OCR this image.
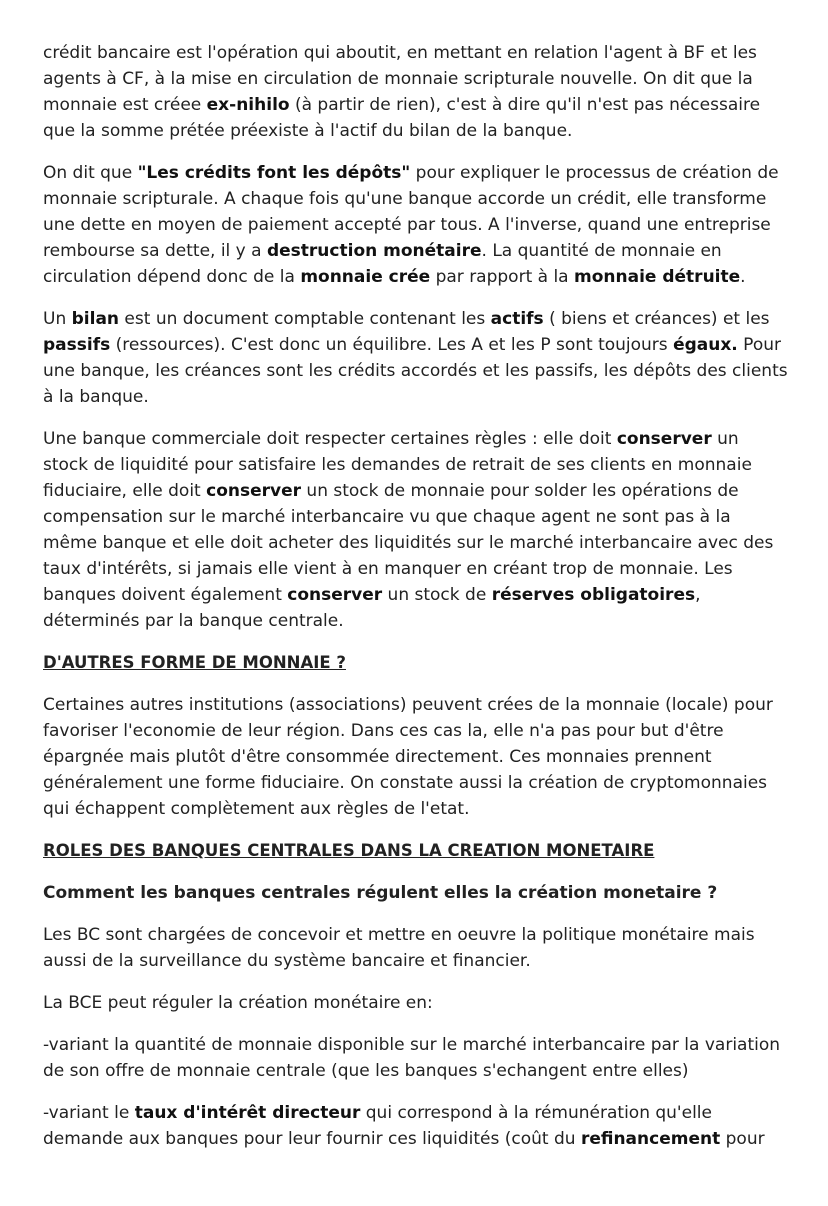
crédit bancaire est l'opération qui aboutit, en mettant en relation l'agent à BF et les agents à CF, à la mise en circulation de monnaie scripturale nouvelle. On dit que la monnaie est créee ex-nihilo (à partir de rien), c'est à dire qu'il n'est pas nécessaire que la somme prétée préexiste à l'actif du bilan de la banque.

On dit que "Les crédits font les dépôts" pour expliquer le processus de création de monnaie scripturale. A chaque fois qu'une banque accorde un crédit, elle transforme une dette en moyen de paiement accepté par tous. A l'inverse, quand une entreprise rembourse sa dette, il y a destruction monétaire. La quantité de monnaie en circulation dépend donc de la monnaie crée par rapport à la monnaie détruite.

Un bilan est un document comptable contenant les actifs ( biens et créances) et les passifs (ressources). C'est donc un équilibre. Les A et les P sont toujours égaux. Pour une banque, les créances sont les crédits accordés et les passifs, les dépôts des clients à la banque.

Une banque commerciale doit respecter certaines règles : elle doit conserver un stock de liquidité pour satisfaire les demandes de retrait de ses clients en monnaie fiduciaire, elle doit conserver un stock de monnaie pour solder les opérations de compensation sur le marché interbancaire vu que chaque agent ne sont pas à la même banque et elle doit acheter des liquidités sur le marché interbancaire avec des taux d'intérêts, si jamais elle vient à en manquer en créant trop de monnaie. Les banques doivent également conserver un stock de réserves obligatoires, déterminés par la banque centrale.

D'AUTRES FORME DE MONNAIE ?

Certaines autres institutions (associations) peuvent crées de la monnaie (locale) pour favoriser l'economie de leur région. Dans ces cas la, elle n'a pas pour but d'être épargnée mais plutôt d'être consommée directement. Ces monnaies prennent généralement une forme fiduciaire. On constate aussi la création de cryptomonnaies qui échappent complètement aux règles de l'etat.

ROLES DES BANQUES CENTRALES DANS LA CREATION MONETAIRE
Comment les banques centrales régulent elles la création monetaire ?

Les BC sont chargées de concevoir et mettre en oeuvre la politique monétaire mais aussi de la surveillance du système bancaire et financier.

La BCE peut réguler la création monétaire en:

-variant la quantité de monnaie disponible sur le marché interbancaire par la variation de son offre de monnaie centrale (que les banques s'echangent entre elles)

-variant le taux d'intérêt directeur qui correspond à la rémunération qu'elle demande aux banques pour leur fournir ces liquidités (coût du refinancement pour
